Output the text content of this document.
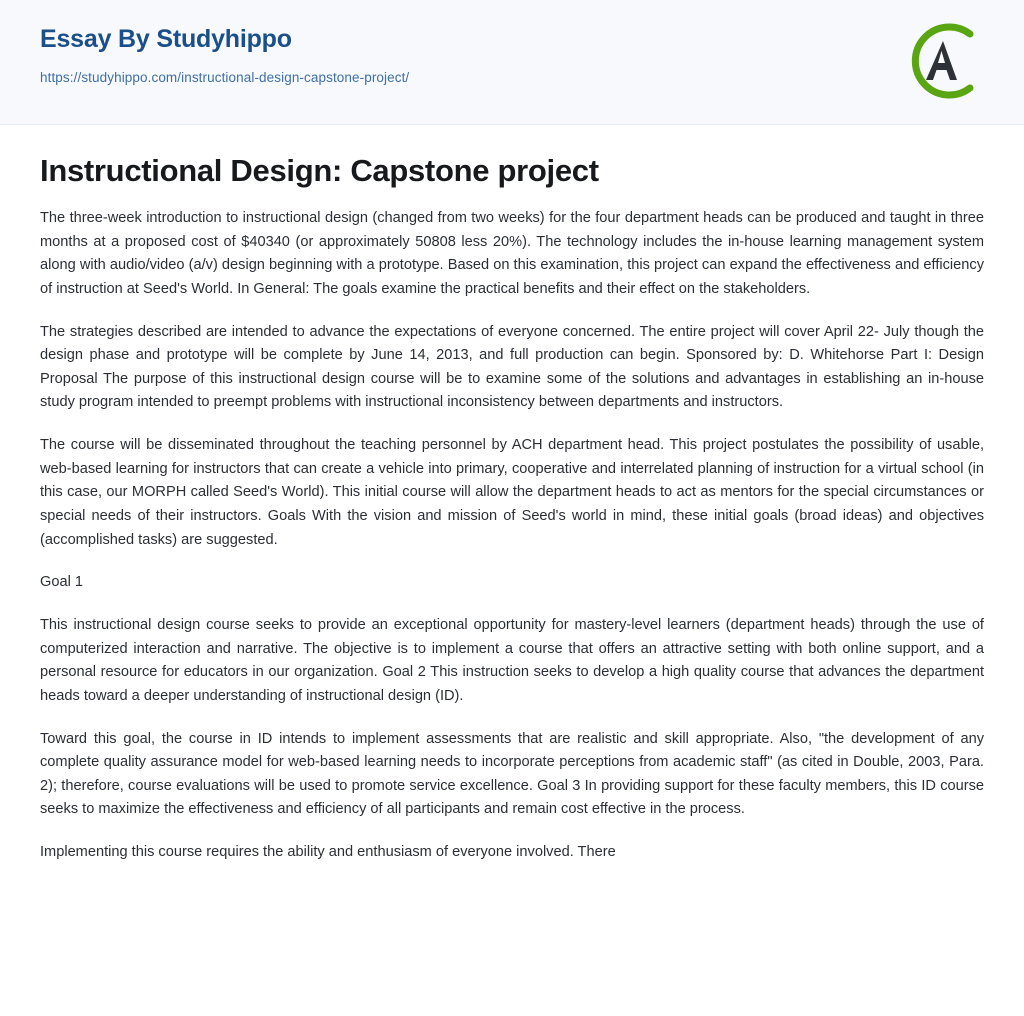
Essay By Studyhippo
https://studyhippo.com/instructional-design-capstone-project/
Instructional Design: Capstone project

The three-week introduction to instructional design (changed from two weeks) for the four department heads can be produced and taught in three months at a proposed cost of $40340 (or approximately 50808 less 20%). The technology includes the in-house learning management system along with audio/video (a/v) design beginning with a prototype. Based on this examination, this project can expand the effectiveness and efficiency of instruction at Seed's World. In General: The goals examine the practical benefits and their effect on the stakeholders.

The strategies described are intended to advance the expectations of everyone concerned. The entire project will cover April 22- July though the design phase and prototype will be complete by June 14, 2013, and full production can begin. Sponsored by: D. Whitehorse Part I: Design Proposal The purpose of this instructional design course will be to examine some of the solutions and advantages in establishing an in-house study program intended to preempt problems with instructional inconsistency between departments and instructors.

The course will be disseminated throughout the teaching personnel by ACH department head. This project postulates the possibility of usable, web-based learning for instructors that can create a vehicle into primary, cooperative and interrelated planning of instruction for a virtual school (in this case, our MORPH called Seed's World). This initial course will allow the department heads to act as mentors for the special circumstances or special needs of their instructors. Goals With the vision and mission of Seed's world in mind, these initial goals (broad ideas) and objectives (accomplished tasks) are suggested.

Goal 1

This instructional design course seeks to provide an exceptional opportunity for mastery-level learners (department heads) through the use of computerized interaction and narrative. The objective is to implement a course that offers an attractive setting with both online support, and a personal resource for educators in our organization. Goal 2 This instruction seeks to develop a high quality course that advances the department heads toward a deeper understanding of instructional design (ID).

Toward this goal, the course in ID intends to implement assessments that are realistic and skill appropriate. Also, "the development of any complete quality assurance model for web-based learning needs to incorporate perceptions from academic staff" (as cited in Double, 2003, Para. 2); therefore, course evaluations will be used to promote service excellence. Goal 3 In providing support for these faculty members, this ID course seeks to maximize the effectiveness and efficiency of all participants and remain cost effective in the process.

Implementing this course requires the ability and enthusiasm of everyone involved. There
